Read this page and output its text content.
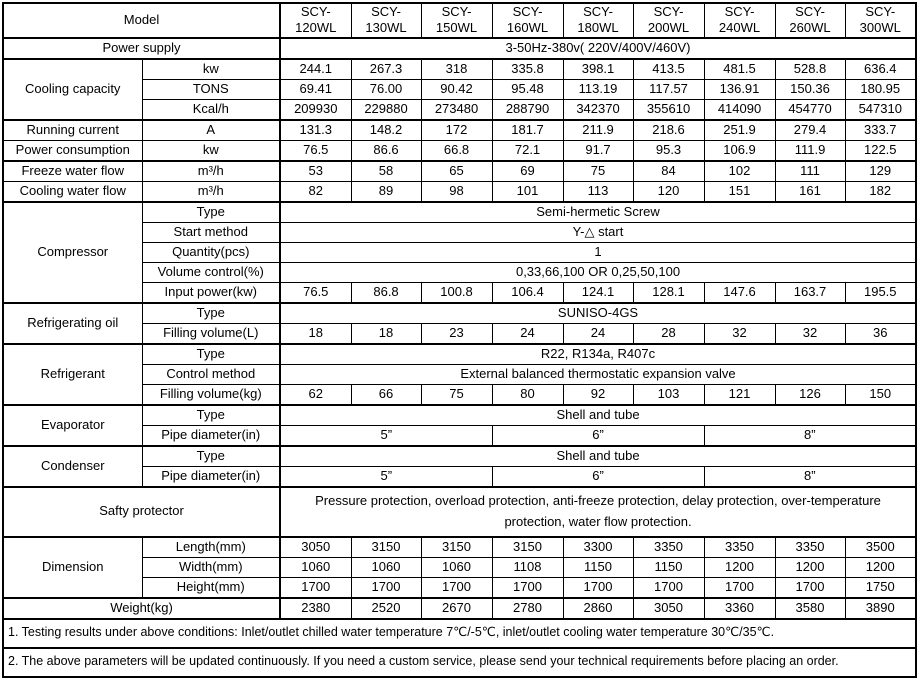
Model		SCY-120WL	SCY-130WL	SCY-150WL	SCY-160WL	SCY-180WL	SCY-200WL	SCY-240WL	SCY-260WL	SCY-300WL
Power supply		3-50Hz-380v( 220V/400V/460V)								
Cooling capacity	kw	244.1	267.3	318	335.8	398.1	413.5	481.5	528.8	636.4
	TONS	69.41	76.00	90.42	95.48	113.19	117.57	136.91	150.36	180.95
	Kcal/h	209930	229880	273480	288790	342370	355610	414090	454770	547310
Running current	A	131.3	148.2	172	181.7	211.9	218.6	251.9	279.4	333.7
Power consumption	kw	76.5	86.6	66.8	72.1	91.7	95.3	106.9	111.9	122.5
Freeze water flow	m³/h	53	58	65	69	75	84	102	111	129
Cooling water flow	m³/h	82	89	98	101	113	120	151	161	182
Compressor	Type	Semi-hermetic Screw								
	Start method	Y-△ start								
	Quantity(pcs)	1								
	Volume control(%)	0,33,66,100 OR 0,25,50,100								
	Input power(kw)	76.5	86.8	100.8	106.4	124.1	128.1	147.6	163.7	195.5
Refrigerating oil	Type	SUNISO-4GS								
	Filling volume(L)	18	18	23	24	24	28	32	32	36
Refrigerant	Type	R22, R134a, R407c								
	Control method	External balanced thermostatic expansion valve								
	Filling volume(kg)	62	66	75	80	92	103	121	126	150
Evaporator	Type	Shell and tube								
	Pipe diameter(in)	5”			6”			8”		
Condenser	Type	Shell and tube								
	Pipe diameter(in)	5”			6”			8”		
Safty protector		Pressure protection, overload protection, anti-freeze protection, delay protection, over-temperature protection, water flow protection.								
Dimension	Length(mm)	3050	3150	3150	3150	3300	3350	3350	3350	3500
	Width(mm)	1060	1060	1060	1108	1150	1150	1200	1200	1200
	Height(mm)	1700	1700	1700	1700	1700	1700	1700	1700	1750
Weight(kg)		2380	2520	2670	2780	2860	3050	3360	3580	3890
1. Testing results under above conditions: Inlet/outlet chilled water temperature 7℃/-5℃, inlet/outlet cooling water temperature 30℃/35℃.										
2. The above parameters will be updated continuously. If you need a custom service, please send your technical requirements before placing an order.										
